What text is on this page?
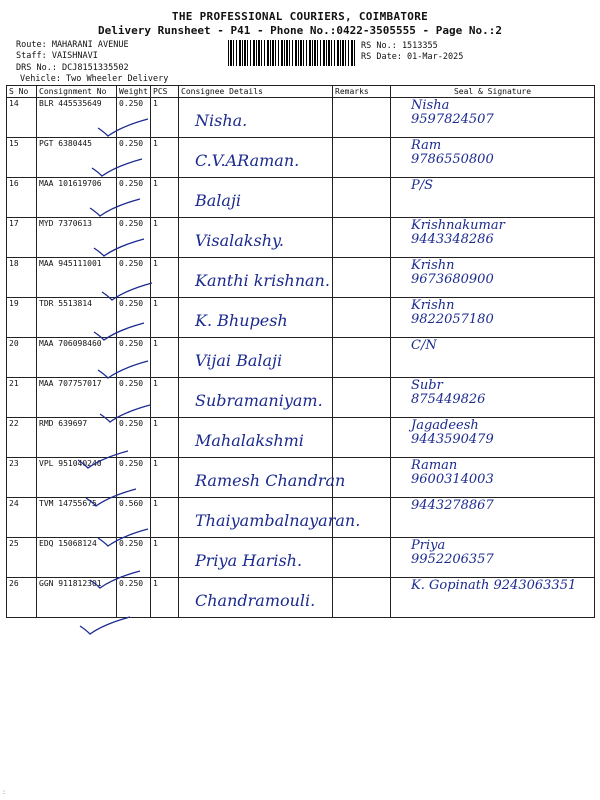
THE PROFESSIONAL COURIERS, COIMBATORE
Delivery Runsheet - P41 - Phone No.:0422-3505555 - Page No.:2
Route: MAHARANI AVENUE
Staff: VAISHNAVI
DRS No.: DCJ8151335502
Vehicle: Two Wheeler Delivery
RS No.: 1513355
RS Date: 01-Mar-2025
S No	Consignment No	Weight	PCS	Consignee Details	Remarks	Seal & Signature
14	BLR 445535649	0.250	1	Nisha.		Nisha
9597824507

15	PGT 6380445	0.250	1	C.V.ARaman.		Ram
9786550800

16	MAA 101619706	0.250	1	Balaji		P/S

17	MYD 7370613	0.250	1	Visalakshy.		Krishnakumar
9443348286

18	MAA 945111001	0.250	1	Kanthi krishnan.		Krishn
9673680900

19	TDR 5513814	0.250	1	K. Bhupesh		Krishn
9822057180

20	MAA 706098460	0.250	1	Vijai Balaji		C/N

21	MAA 707757017	0.250	1	Subramaniyam.		Subr
875449826

22	RMD 639697	0.250	1	Mahalakshmi		Jagadeesh
9443590479

23	VPL 951040240	0.250	1	Ramesh Chandran		Raman
9600314003

24	TVM 14755675	0.560	1	Thaiyambalnayaran.		9443278867

25	EDQ 15068124	0.250	1	Priya Harish.		Priya
9952206357

26	GGN 911812301	0.250	1	Chandramouli.		K. Gopinath 9243063351
:
